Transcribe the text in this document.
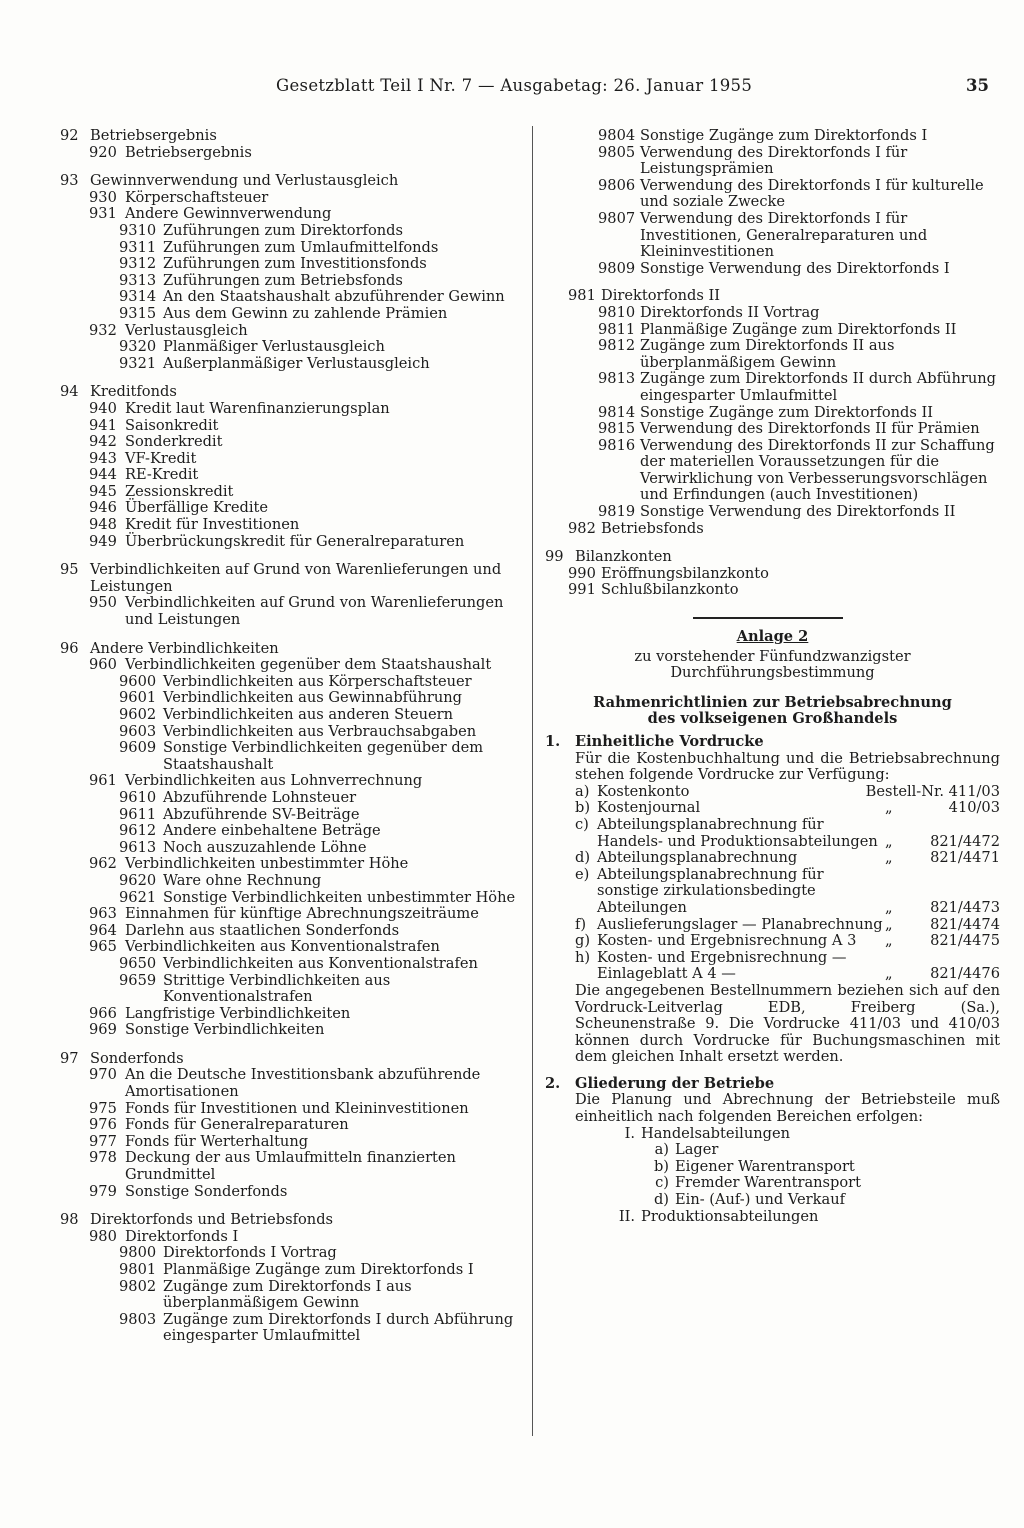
Gesetzblatt Teil I Nr. 7 — Ausgabetag: 26. Januar 1955	35
92 Betriebsergebnis
920 Betriebsergebnis
93 Gewinnverwendung und Verlustausgleich
930 Körperschaftsteuer
931 Andere Gewinnverwendung
9310 Zuführungen zum Direktorfonds
9311 Zuführungen zum Umlaufmittelfonds
9312 Zuführungen zum Investitionsfonds
9313 Zuführungen zum Betriebsfonds
9314 An den Staatshaushalt abzuführender Gewinn
9315 Aus dem Gewinn zu zahlende Prämien
932 Verlustausgleich
9320 Planmäßiger Verlustausgleich
9321 Außerplanmäßiger Verlustausgleich
94 Kreditfonds
940 Kredit laut Warenfinanzierungsplan
941 Saisonkredit
942 Sonderkredit
943 VF-Kredit
944 RE-Kredit
945 Zessionskredit
946 Überfällige Kredite
948 Kredit für Investitionen
949 Überbrückungskredit für Generalreparaturen
95 Verbindlichkeiten auf Grund von Warenlieferungen und Leistungen
950 Verbindlichkeiten auf Grund von Warenlieferungen und Leistungen
96 Andere Verbindlichkeiten
960 Verbindlichkeiten gegenüber dem Staatshaushalt
9600 Verbindlichkeiten aus Körperschaftsteuer
9601 Verbindlichkeiten aus Gewinnabführung
9602 Verbindlichkeiten aus anderen Steuern
9603 Verbindlichkeiten aus Verbrauchsabgaben
9609 Sonstige Verbindlichkeiten gegenüber dem Staatshaushalt
961 Verbindlichkeiten aus Lohnverrechnung
9610 Abzuführende Lohnsteuer
9611 Abzuführende SV-Beiträge
9612 Andere einbehaltene Beträge
9613 Noch auszuzahlende Löhne
962 Verbindlichkeiten unbestimmter Höhe
9620 Ware ohne Rechnung
9621 Sonstige Verbindlichkeiten unbestimmter Höhe
963 Einnahmen für künftige Abrechnungszeiträume
964 Darlehn aus staatlichen Sonderfonds
965 Verbindlichkeiten aus Konventionalstrafen
9650 Verbindlichkeiten aus Konventionalstrafen
9659 Strittige Verbindlichkeiten aus Konventionalstrafen
966 Langfristige Verbindlichkeiten
969 Sonstige Verbindlichkeiten
97 Sonderfonds
970 An die Deutsche Investitionsbank abzuführende Amortisationen
975 Fonds für Investitionen und Kleininvestitionen
976 Fonds für Generalreparaturen
977 Fonds für Werterhaltung
978 Deckung der aus Umlaufmitteln finanzierten Grundmittel
979 Sonstige Sonderfonds
98 Direktorfonds und Betriebsfonds
980 Direktorfonds I
9800 Direktorfonds I Vortrag
9801 Planmäßige Zugänge zum Direktorfonds I
9802 Zugänge zum Direktorfonds I aus überplanmäßigem Gewinn
9803 Zugänge zum Direktorfonds I durch Abführung eingesparter Umlaufmittel
9804 Sonstige Zugänge zum Direktorfonds I
9805 Verwendung des Direktorfonds I für Leistungsprämien
9806 Verwendung des Direktorfonds I für kulturelle und soziale Zwecke
9807 Verwendung des Direktorfonds I für Investitionen, Generalreparaturen und Kleininvestitionen
9809 Sonstige Verwendung des Direktorfonds I
981 Direktorfonds II
9810 Direktorfonds II Vortrag
9811 Planmäßige Zugänge zum Direktorfonds II
9812 Zugänge zum Direktorfonds II aus überplanmäßigem Gewinn
9813 Zugänge zum Direktorfonds II durch Abführung eingesparter Umlaufmittel
9814 Sonstige Zugänge zum Direktorfonds II
9815 Verwendung des Direktorfonds II für Prämien
9816 Verwendung des Direktorfonds II zur Schaffung der materiellen Voraussetzungen für die Verwirklichung von Verbesserungsvorschlägen und Erfindungen (auch Investitionen)
9819 Sonstige Verwendung des Direktorfonds II
982 Betriebsfonds
99 Bilanzkonten
990 Eröffnungsbilanzkonto
991 Schlußbilanzkonto
Anlage 2
zu vorstehender Fünfundzwanzigster
Durchführungsbestimmung
Rahmenrichtlinien zur Betriebsabrechnung
des volkseigenen Großhandels
1.	Einheitliche Vordrucke
Für die Kostenbuchhaltung und die Betriebsabrechnung stehen folgende Vordrucke zur Verfügung:
a) Kostenkonto	Bestell-Nr. 411/03
b) Kostenjournal	„	410/03
c) Abteilungsplanabrechnung für Handels- und Produktionsabteilungen „	821/4472
d) Abteilungsplanabrechnung	„	821/4471
e) Abteilungsplanabrechnung für sonstige zirkulationsbedingte Abteilungen	„	821/4473
f) Auslieferungslager — Planabrechnung „	821/4474
g) Kosten- und Ergebnisrechnung A 3	„	821/4475
h) Kosten- und Ergebnisrechnung — Einlageblatt A 4 —	„	821/4476
Die angegebenen Bestellnummern beziehen sich auf den Vordruck-Leitverlag EDB, Freiberg (Sa.), Scheunenstraße 9. Die Vordrucke 411/03 und 410/03 können durch Vordrucke für Buchungsmaschinen mit dem gleichen Inhalt ersetzt werden.
2.	Gliederung der Betriebe
Die Planung und Abrechnung der Betriebsteile muß einheitlich nach folgenden Bereichen erfolgen:
I. Handelsabteilungen
a) Lager
b) Eigener Warentransport
c) Fremder Warentransport
d) Ein- (Auf-) und Verkauf
II. Produktionsabteilungen
